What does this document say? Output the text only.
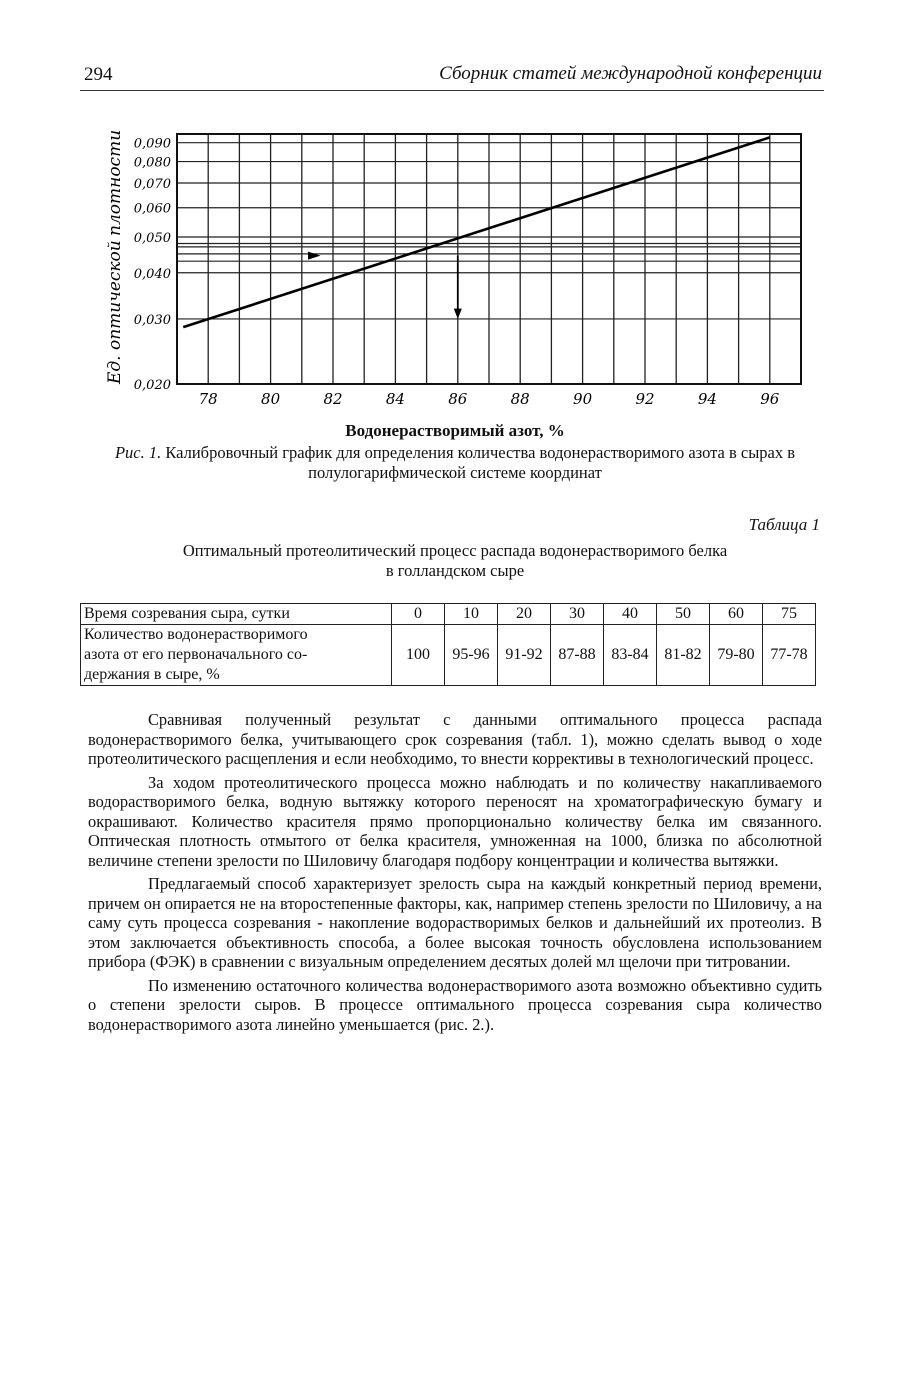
294	Сборник статей международной конференции
Ед. оптической
плотности 0,090
0,080
0,070
0,060
0,050
0,040
0,030
0,020
78	80	82	84	86	88	90	92	94	96
Водонерастворимый азот, %
Рис. 1. Калибровочный график для определения количества водонерастворимого азота в сырах в полулогарифмической системе координат
Таблица 1
Оптимальный протеолитический процесс распада водонерастворимого белка
в голландском сыре
Время созревания сыра, сутки	0	10	20	30	40	50	60	75

Количество водонерастворимого
азота от его первоначального со-
держания в сыре, %	100	95-96	91-92	87-88	83-84	81-82	79-80	77-78

Сравнивая полученный результат с данными оптимального процесса распада водонерастворимого белка, учитывающего срок созревания (табл. 1), можно сделать вывод о ходе протеолитического расщепления и если необходимо, то внести коррективы в технологический процесс.

За ходом протеолитического процесса можно наблюдать и по количеству накапливаемого водорастворимого белка, водную вытяжку которого переносят на хроматографическую бумагу и окрашивают. Количество красителя прямо пропорционально количеству белка им связанного. Оптическая плотность отмытого от белка красителя, умноженная на 1000, близка по абсолютной величине степени зрелости по Шиловичу благодаря подбору концентрации и количества вытяжки.

Предлагаемый способ характеризует зрелость сыра на каждый конкретный период времени, причем он опирается не на второстепенные факторы, как, например степень зрелости по Шиловичу, а на саму суть процесса созревания - накопление водорастворимых белков и дальнейший их протеолиз. В этом заключается объективность способа, а более высокая точность обусловлена использованием прибора (ФЭК) в сравнении с визуальным определением десятых долей мл щелочи при титровании.

По изменению остаточного количества водонерастворимого азота возможно объективно судить о степени зрелости сыров. В процессе оптимального процесса созревания сыра количество водонерастворимого азота линейно уменьшается (рис. 2.).
